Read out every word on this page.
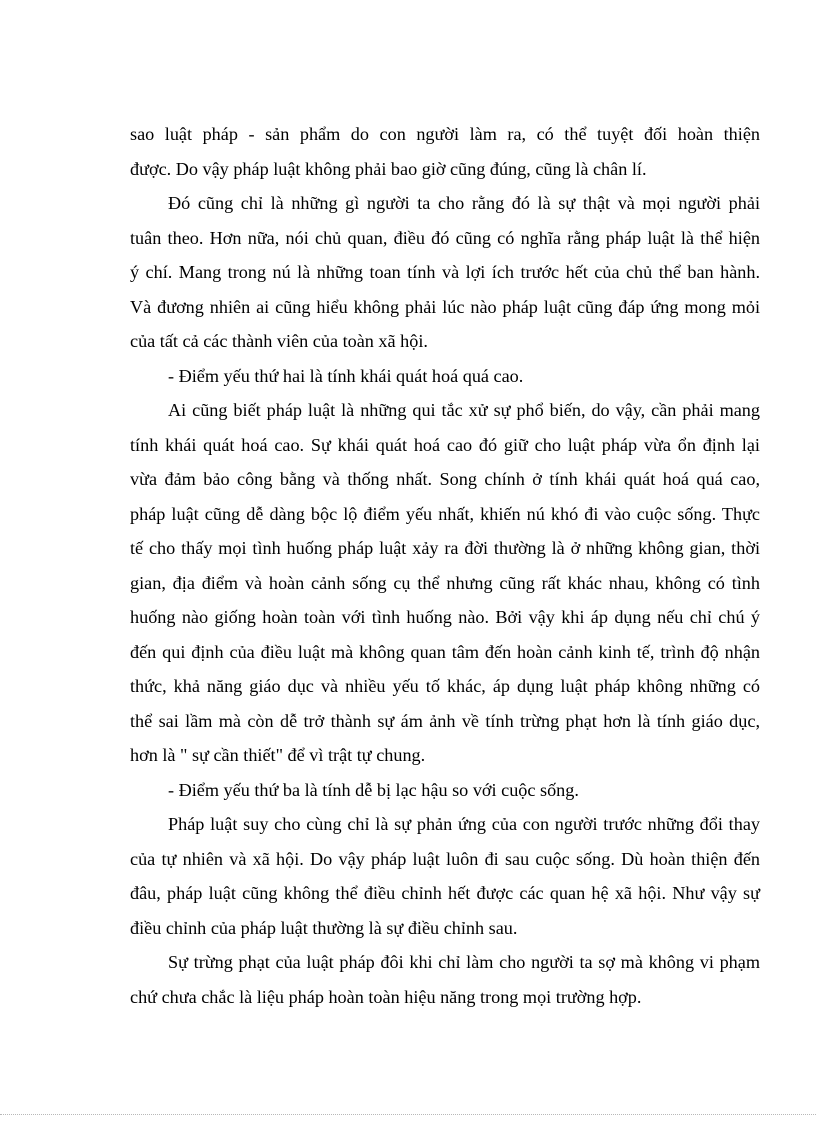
sao luật pháp - sản phẩm do con người làm ra, có thể tuyệt đối hoàn thiện
được. Do vậy pháp luật không phải bao giờ cũng đúng, cũng là chân lí.
Đó cũng chỉ là những gì người ta cho rằng đó là sự thật và mọi người phải
tuân theo. Hơn nữa, nói chủ quan, điều đó cũng có nghĩa rằng pháp luật là thể hiện
ý chí. Mang trong nú là những toan tính và lợi ích trước hết của chủ thể ban hành.
Và đương nhiên ai cũng hiểu không phải lúc nào pháp luật cũng đáp ứng mong mỏi
của tất cả các thành viên của toàn xã hội.
- Điểm yếu thứ hai là tính khái quát hoá quá cao.
Ai cũng biết pháp luật là những qui tắc xử sự phổ biến, do vậy, cần phải mang
tính khái quát hoá cao. Sự khái quát hoá cao đó giữ cho luật pháp vừa ổn định lại
vừa đảm bảo công bằng và thống nhất. Song chính ở tính khái quát hoá quá cao,
pháp luật cũng dễ dàng bộc lộ điểm yếu nhất, khiến nú khó đi vào cuộc sống. Thực
tế cho thấy mọi tình huống pháp luật xảy ra đời thường là ở những không gian, thời
gian, địa điểm và hoàn cảnh sống cụ thể nhưng cũng rất khác nhau, không có tình
huống nào giống hoàn toàn với tình huống nào. Bởi vậy khi áp dụng nếu chỉ chú ý
đến qui định của điều luật mà không quan tâm đến hoàn cảnh kinh tế, trình độ nhận
thức, khả năng giáo dục và nhiều yếu tố khác, áp dụng luật pháp không những có
thể sai lầm mà còn dễ trở thành sự ám ảnh về tính trừng phạt hơn là tính giáo dục,
hơn là " sự cần thiết" để vì trật tự chung.
- Điểm yếu thứ ba là tính dễ bị lạc hậu so với cuộc sống.
Pháp luật suy cho cùng chỉ là sự phản ứng của con người trước những đổi thay
của tự nhiên và xã hội. Do vậy pháp luật luôn đi sau cuộc sống. Dù hoàn thiện đến
đâu, pháp luật cũng không thể điều chỉnh hết được các quan hệ xã hội. Như vậy sự
điều chỉnh của pháp luật thường là sự điều chỉnh sau.
Sự trừng phạt của luật pháp đôi khi chỉ làm cho người ta sợ mà không vi phạm
chứ chưa chắc là liệu pháp hoàn toàn hiệu năng trong mọi trường hợp.
